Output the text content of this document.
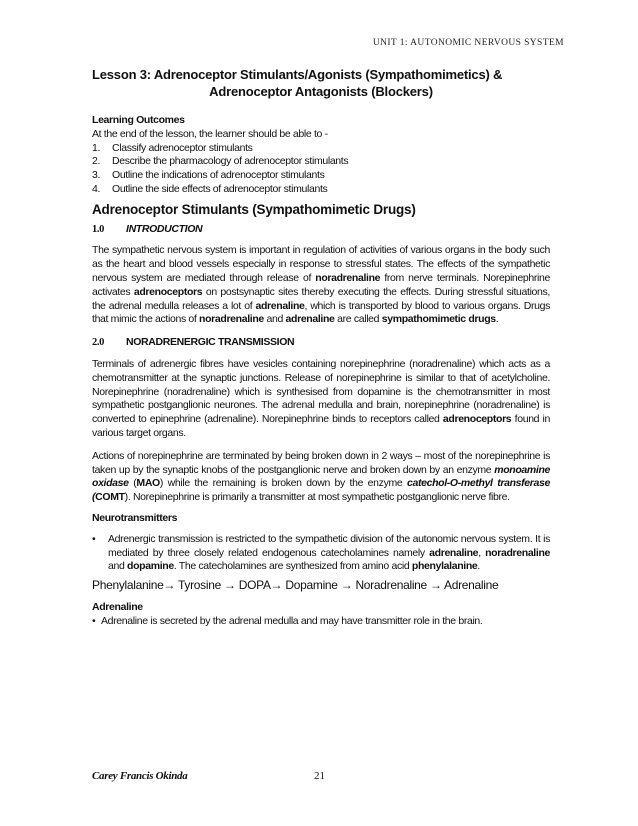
UNIT 1: AUTONOMIC NERVOUS SYSTEM
Lesson 3: Adrenoceptor Stimulants/Agonists (Sympathomimetics) &
Adrenoceptor Antagonists (Blockers)

Learning Outcomes

At the end of the lesson, the learner should be able to -

1.	Classify adrenoceptor stimulants
2.	Describe the pharmacology of adrenoceptor stimulants
3.	Outline the indications of adrenoceptor stimulants
4.	Outline the side effects of adrenoceptor stimulants
Adrenoceptor Stimulants (Sympathomimetic Drugs)
1.0 INTRODUCTION

The sympathetic nervous system is important in regulation of activities of various organs in the body such as the heart and blood vessels especially in response to stressful states. The effects of the sympathetic nervous system are mediated through release of noradrenaline from nerve terminals. Norepinephrine activates adrenoceptors on postsynaptic sites thereby executing the effects. During stressful situations, the adrenal medulla releases a lot of adrenaline, which is transported by blood to various organs. Drugs that mimic the actions of noradrenaline and adrenaline are called sympathomimetic drugs.

2.0 NORADRENERGIC TRANSMISSION

Terminals of adrenergic fibres have vesicles containing norepinephrine (noradrenaline) which acts as a chemotransmitter at the synaptic junctions. Release of norepinephrine is similar to that of acetylcholine. Norepinephrine (noradrenaline) which is synthesised from dopamine is the chemotransmitter in most sympathetic postganglionic neurones. The adrenal medulla and brain, norepinephrine (noradrenaline) is converted to epinephrine (adrenaline). Norepinephrine binds to receptors called adrenoceptors found in various target organs.

Actions of norepinephrine are terminated by being broken down in 2 ways – most of the norepinephrine is taken up by the synaptic knobs of the postganglionic nerve and broken down by an enzyme monoamine oxidase (MAO) while the remaining is broken down by the enzyme catechol-O-methyl transferase (COMT). Norepinephrine is primarily a transmitter at most sympathetic postganglionic nerve fibre.

Neurotransmitters

•	Adrenergic transmission is restricted to the sympathetic division of the autonomic nervous system. It is mediated by three closely related endogenous catecholamines namely adrenaline, noradrenaline and dopamine. The catecholamines are synthesized from amino acid phenylalanine.
Phenylalanine→ Tyrosine → DOPA→ Dopamine → Noradrenaline → Adrenaline

Adrenaline

• Adrenaline is secreted by the adrenal medulla and may have transmitter role in the brain.
Carey Francis Okinda	21
